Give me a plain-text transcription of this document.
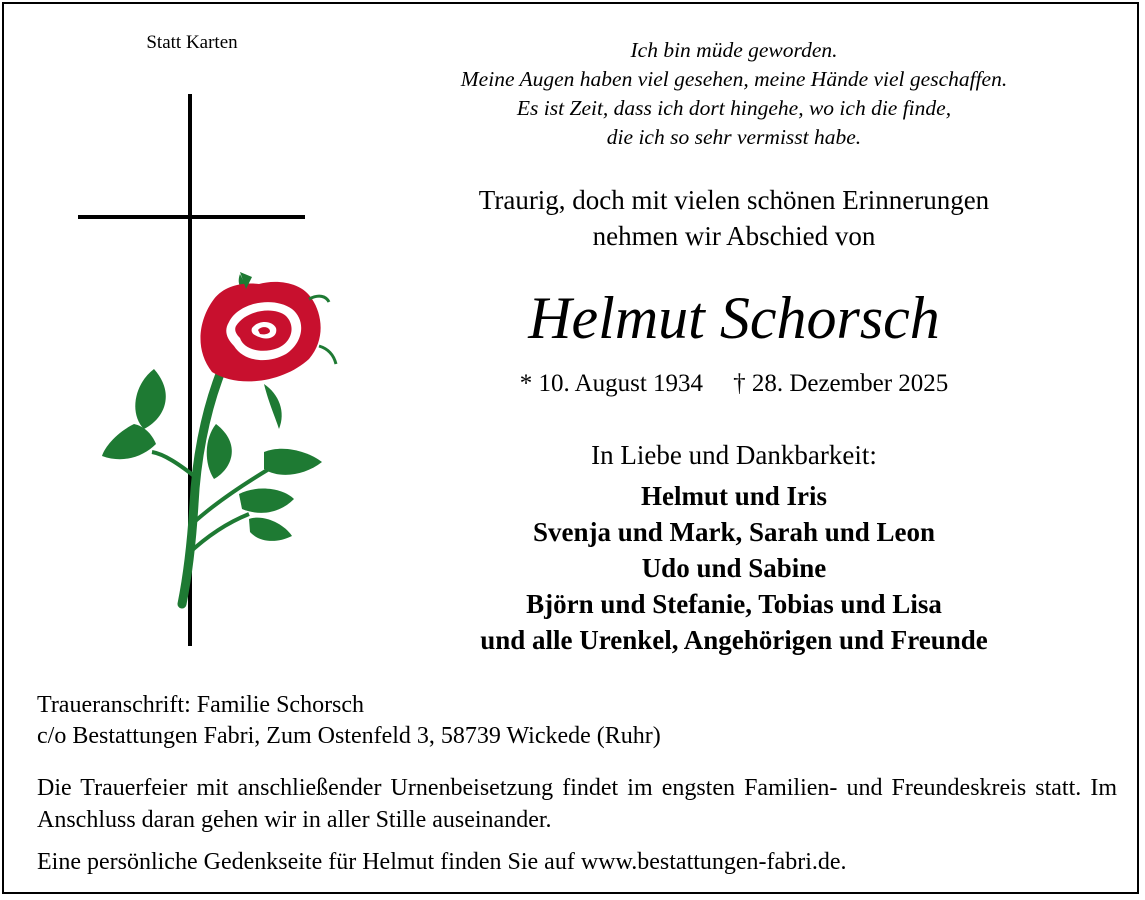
Statt Karten	Ich bin müde geworden.
Meine Augen haben viel gesehen, meine Hände viel geschaffen.
Es ist Zeit, dass ich dort hingehe, wo ich die finde,
die ich so sehr vermisst habe.
Traurig, doch mit vielen schönen Erinnerungen
nehmen wir Abschied von
Helmut Schorsch
* 10. August 1934 † 28. Dezember 2025
In Liebe und Dankbarkeit:
Helmut und Iris
Svenja und Mark, Sarah und Leon
Udo und Sabine
Björn und Stefanie, Tobias und Lisa
und alle Urenkel, Angehörigen und Freunde
Traueranschrift: Familie Schorsch
c/o Bestattungen Fabri, Zum Ostenfeld 3, 58739 Wickede (Ruhr)
Die Trauerfeier mit anschließender Urnenbeisetzung findet im engsten Familien- und Freundeskreis statt. Im Anschluss daran gehen wir in aller Stille auseinander.
Eine persönliche Gedenkseite für Helmut finden Sie auf www.bestattungen-fabri.de.
